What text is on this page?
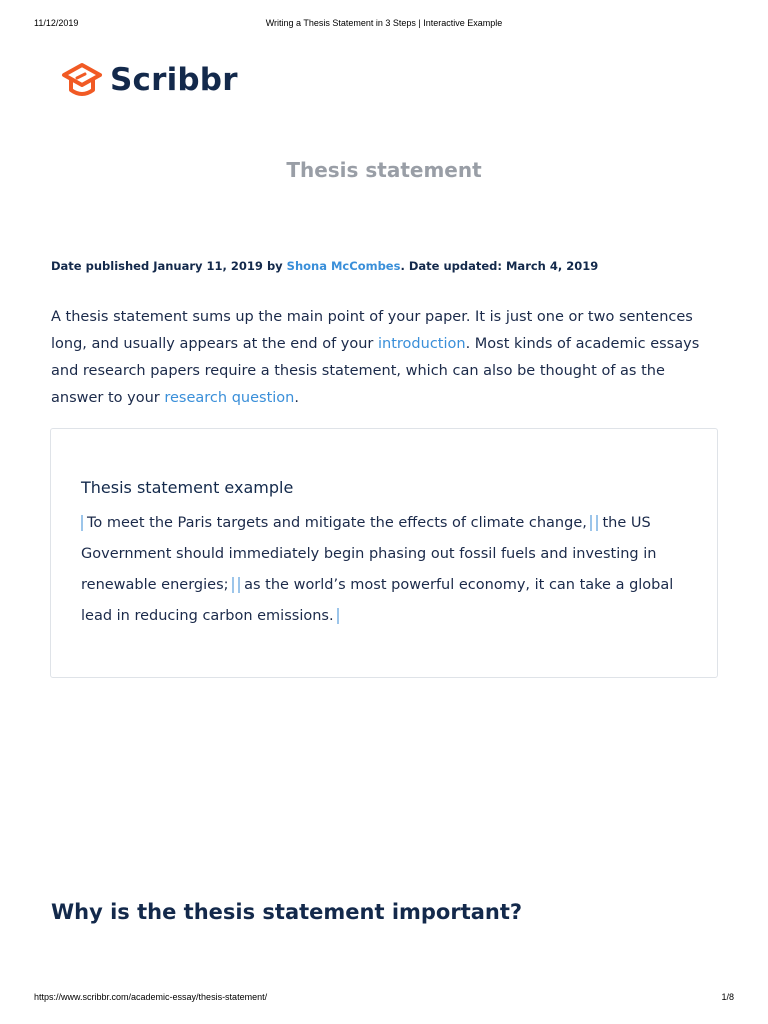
11/12/2019	Writing a Thesis Statement in 3 Steps | Interactive Example
Scribbr
Thesis statement
Date published January 11, 2019 by Shona McCombes. Date updated: March 4, 2019
A thesis statement sums up the main point of your paper. It is just one or two sentences long, and usually appears at the end of your introduction. Most kinds of academic essays and research papers require a thesis statement, which can also be thought of as the answer to your research question.
Thesis statement example
To meet the Paris targets and mitigate the effects of climate change, the US Government should immediately begin phasing out fossil fuels and investing in renewable energies; as the world’s most powerful economy, it can take a global lead in reducing carbon emissions.
Why is the thesis statement important?
https://www.scribbr.com/academic-essay/thesis-statement/	1/8
